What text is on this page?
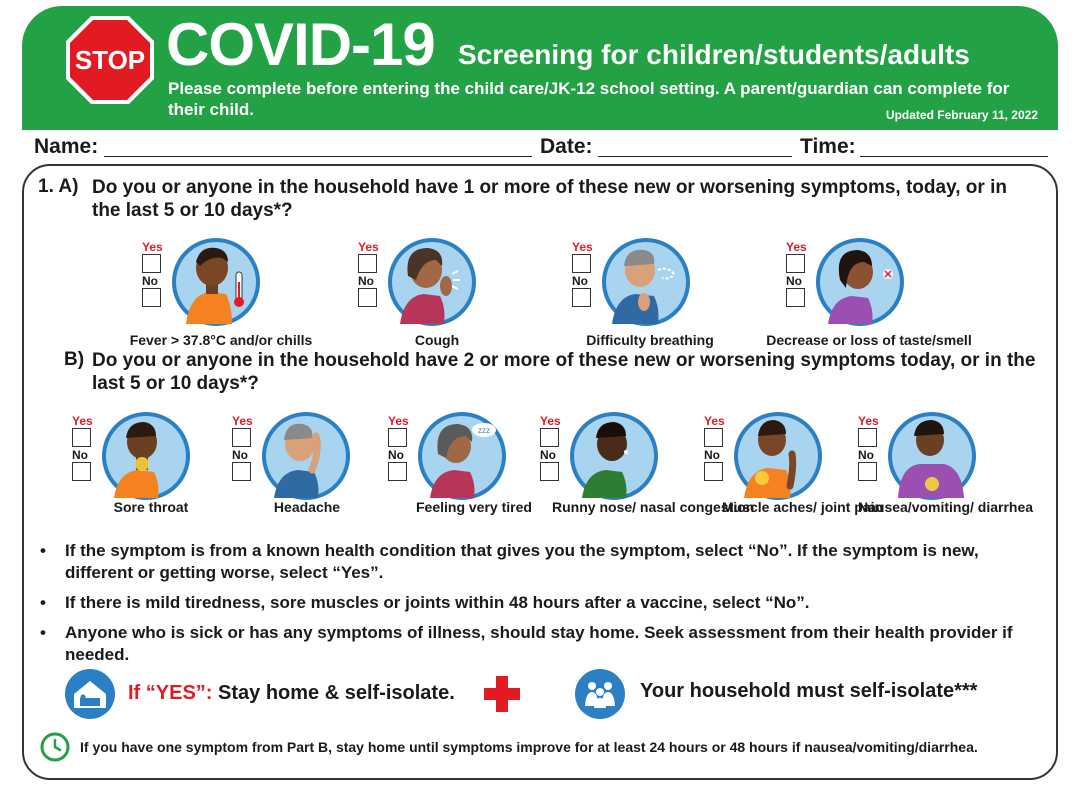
STOP COVID-19 Screening for children/students/adults
Please complete before entering the child care/JK-12 school setting. A parent/guardian can complete for their child.	Updated February 11, 2022
Name:	Date:	Time:
1. A) Do you or anyone in the household have 1 or more of these new or worsening symptoms, today, or in the last 5 or 10 days*?
Yes
No
Fever > 37.8°C and/or chills
Yes
No
Cough
Yes
No
Difficulty breathing
Yes
No
Decrease or loss of taste/smell
B) Do you or anyone in the household have 2 or more of these new or worsening symptoms today, or in the last 5 or 10 days*?
Yes
No
Sore throat
Yes
No
Headache
Yes
No
zzz
Feeling very tired
Yes
No
Runny nose/ nasal congestion
Yes
No
Muscle aches/ joint pain
Yes
No
Nausea/vomiting/ diarrhea
• If the symptom is from a known health condition that gives you the symptom, select “No”. If the symptom is new, different or getting worse, select “Yes”.
• If there is mild tiredness, sore muscles or joints within 48 hours after a vaccine, select “No”.
• Anyone who is sick or has any symptoms of illness, should stay home. Seek assessment from their health provider if needed.
If “YES”: Stay home & self-isolate.	Your household must self-isolate***
If you have one symptom from Part B, stay home until symptoms improve for at least 24 hours or 48 hours if nausea/vomiting/diarrhea.
